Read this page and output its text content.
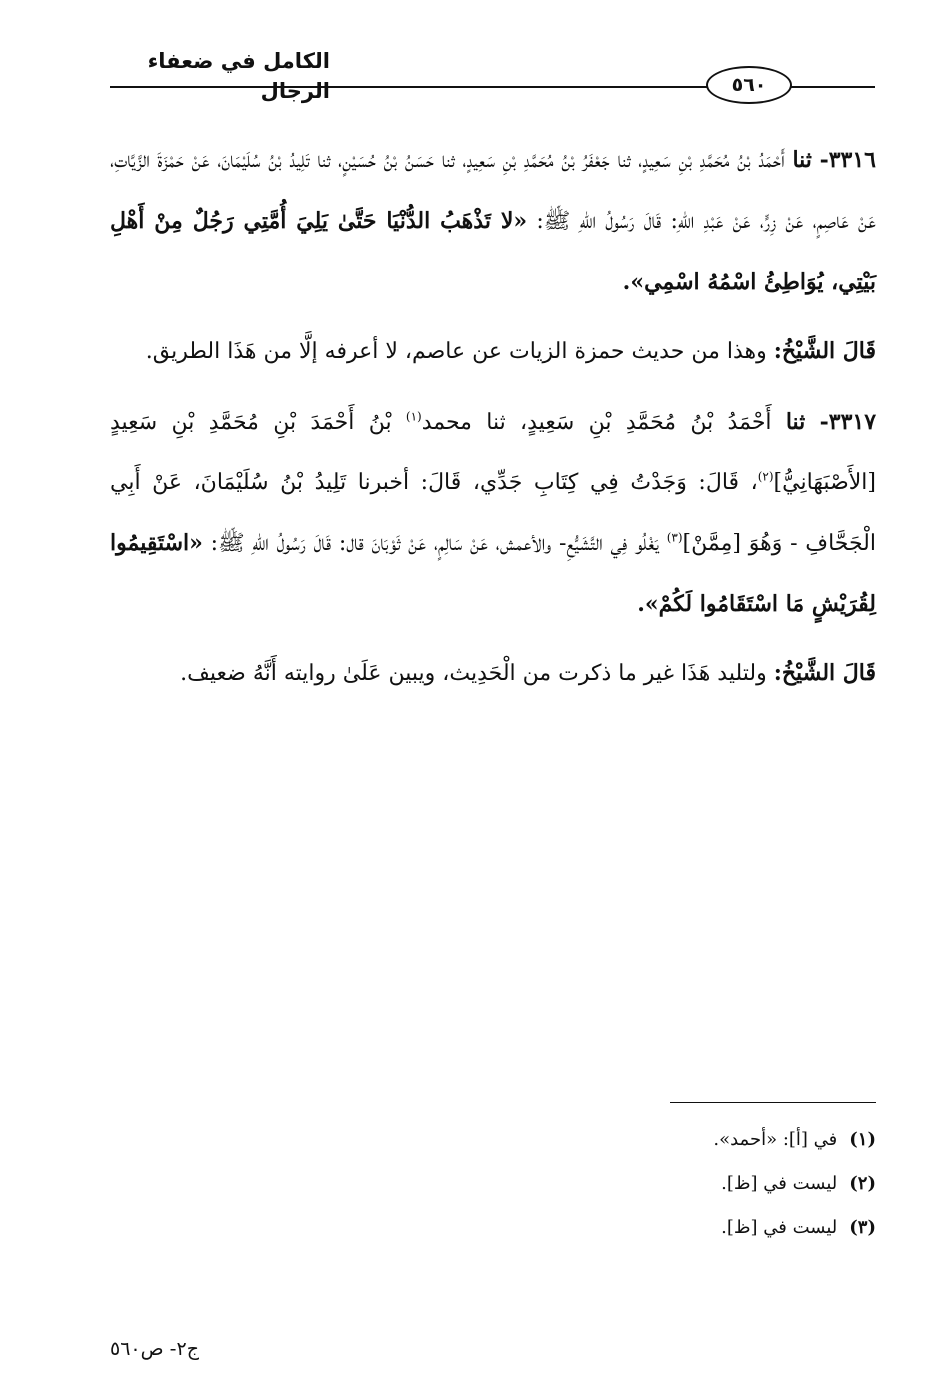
الكامل في ضعفاء الرجال	٥٦٠

٣٣١٦- ثنا أَحْمَدُ بْنُ مُحَمَّدِ بْنِ سَعِيدٍ، ثنا جَعْفَرُ بْنُ مُحَمَّدِ بْنِ سَعِيدٍ، ثنا حَسَنُ بْنُ حُسَيْنٍ، ثنا تَلِيدُ بْنُ سُلَيْمَانَ، عَنْ حَمْزَةَ الزَّيَّاتِ، عَنْ عَاصِمٍ، عَنْ زِرٍّ، عَنْ عَبْدِ اللهِ: قَالَ رَسُولُ اللهِ ﷺ: «لا تَذْهَبُ الدُّنْيَا حَتَّىٰ يَلِيَ أُمَّتِي رَجُلٌ مِنْ أَهْلِ بَيْتِي، يُوَاطِئُ اسْمُهُ اسْمِي».

قَالَ الشَّيْخُ: وهذا من حديث حمزة الزيات عن عاصم، لا أعرفه إلَّا من هَذَا الطريق.

٣٣١٧- ثنا أَحْمَدُ بْنُ مُحَمَّدِ بْنِ سَعِيدٍ، ثنا محمد$^{(١)}$ بْنُ أَحْمَدَ بْنِ مُحَمَّدِ بْنِ سَعِيدٍ [الأَصْبَهَانِيُّ]$^{(٢)}$، قَالَ: وَجَدْتُ فِي كِتَابِ جَدِّي، قَالَ: أخبرنا تَلِيدُ بْنُ سُلَيْمَانَ، عَنْ أَبِي الْجَحَّافِ - وَهُوَ [مِمَّنْ]$^{(٣)}$ يَغْلُو فِي التَّشَيُّعِ- والأعمش، عَنْ سَالِمٍ، عَنْ ثَوْبَانَ قال: قَالَ رَسُولُ اللهِ ﷺ: «اسْتَقِيمُوا لِقُرَيْشٍ مَا اسْتَقَامُوا لَكُمْ».

قَالَ الشَّيْخُ: ولتليد هَذَا غير ما ذكرت من الْحَدِيث، ويبين عَلَىٰ روايته أَنَّهُ ضعيف.

(١)في [أ]: «أحمد».

(٢)ليست في [ظ].

(٣)ليست في [ظ].

ج٢- ص٥٦٠
